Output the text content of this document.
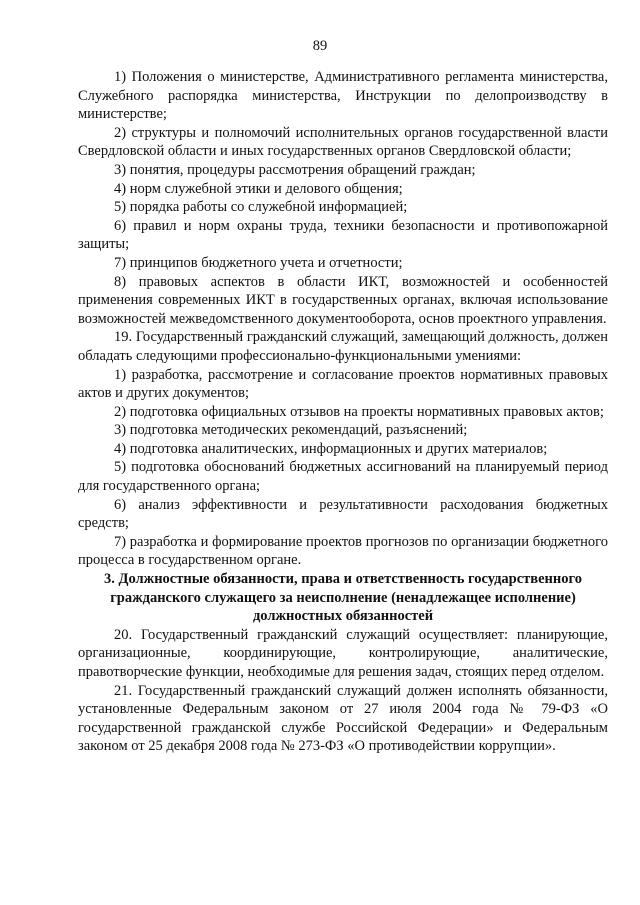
89

1) Положения о министерстве, Административного регламента министерства, Служебного распорядка министерства, Инструкции по делопроизводству в министерстве;

2) структуры и полномочий исполнительных органов государственной власти Свердловской области и иных государственных органов Свердловской области;

3) понятия, процедуры рассмотрения обращений граждан;

4) норм служебной этики и делового общения;

5) порядка работы со служебной информацией;

6) правил и норм охраны труда, техники безопасности и противопожарной защиты;

7) принципов бюджетного учета и отчетности;

8) правовых аспектов в области ИКТ, возможностей и особенностей применения современных ИКТ в государственных органах, включая использование возможностей межведомственного документооборота, основ проектного управления.

19. Государственный гражданский служащий, замещающий должность, должен обладать следующими профессионально-функциональными умениями:

1) разработка, рассмотрение и согласование проектов нормативных правовых актов и других документов;

2) подготовка официальных отзывов на проекты нормативных правовых актов;

3) подготовка методических рекомендаций, разъяснений;

4) подготовка аналитических, информационных и других материалов;

5) подготовка обоснований бюджетных ассигнований на планируемый период для государственного органа;

6) анализ эффективности и результативности расходования бюджетных средств;

7) разработка и формирование проектов прогнозов по организации бюджетного процесса в государственном органе.

3. Должностные обязанности, права и ответственность государственного гражданского служащего за неисполнение (ненадлежащее исполнение) должностных обязанностей

20. Государственный гражданский служащий осуществляет: планирующие, организационные, координирующие, контролирующие, аналитические, правотворческие функции, необходимые для решения задач, стоящих перед отделом.

21. Государственный гражданский служащий должен исполнять обязанности, установленные Федеральным законом от 27 июля 2004 года № 79-ФЗ «О государственной гражданской службе Российской Федерации» и Федеральным законом от 25 декабря 2008 года № 273-ФЗ «О противодействии коррупции».
